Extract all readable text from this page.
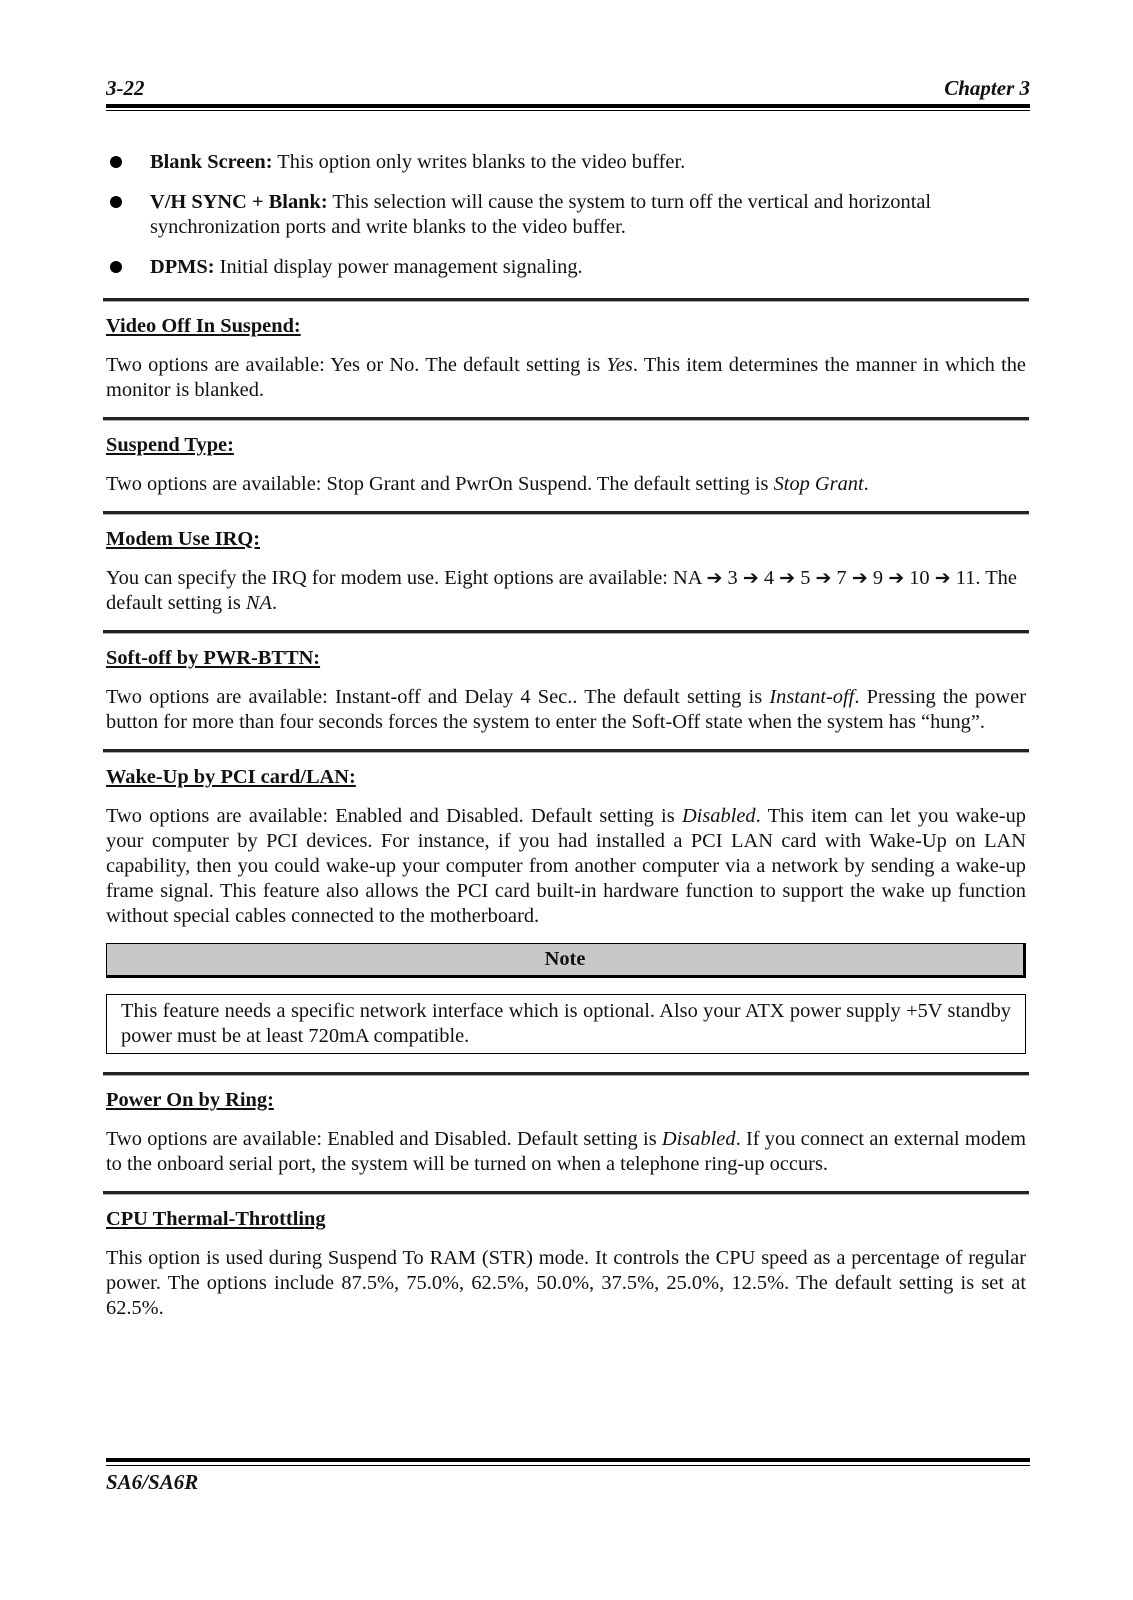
3-22	Chapter 3
Blank Screen: This option only writes blanks to the video buffer.
V/H SYNC + Blank: This selection will cause the system to turn off the vertical and horizontal synchronization ports and write blanks to the video buffer.
DPMS: Initial display power management signaling.
Video Off In Suspend:

Two options are available: Yes or No. The default setting is Yes. This item determines the manner in which the monitor is blanked.

Suspend Type:

Two options are available: Stop Grant and PwrOn Suspend. The default setting is Stop Grant.

Modem Use IRQ:

You can specify the IRQ for modem use. Eight options are available: NA ➔ 3 ➔ 4 ➔ 5 ➔ 7 ➔ 9 ➔ 10 ➔ 11. The default setting is NA.

Soft-off by PWR-BTTN:

Two options are available: Instant-off and Delay 4 Sec.. The default setting is Instant-off. Pressing the power button for more than four seconds forces the system to enter the Soft-Off state when the system has “hung”.

Wake-Up by PCI card/LAN:

Two options are available: Enabled and Disabled. Default setting is Disabled. This item can let you wake-up your computer by PCI devices. For instance, if you had installed a PCI LAN card with Wake-Up on LAN capability, then you could wake-up your computer from another computer via a network by sending a wake-up frame signal. This feature also allows the PCI card built-in hardware function to support the wake up function without special cables connected to the motherboard.

Note
This feature needs a specific network interface which is optional. Also your ATX power supply +5V standby power must be at least 720mA compatible.
Power On by Ring:

Two options are available: Enabled and Disabled. Default setting is Disabled. If you connect an external modem to the onboard serial port, the system will be turned on when a telephone ring-up occurs.

CPU Thermal-Throttling

This option is used during Suspend To RAM (STR) mode. It controls the CPU speed as a percentage of regular power. The options include 87.5%, 75.0%, 62.5%, 50.0%, 37.5%, 25.0%, 12.5%. The default setting is set at 62.5%.

SA6/SA6R
